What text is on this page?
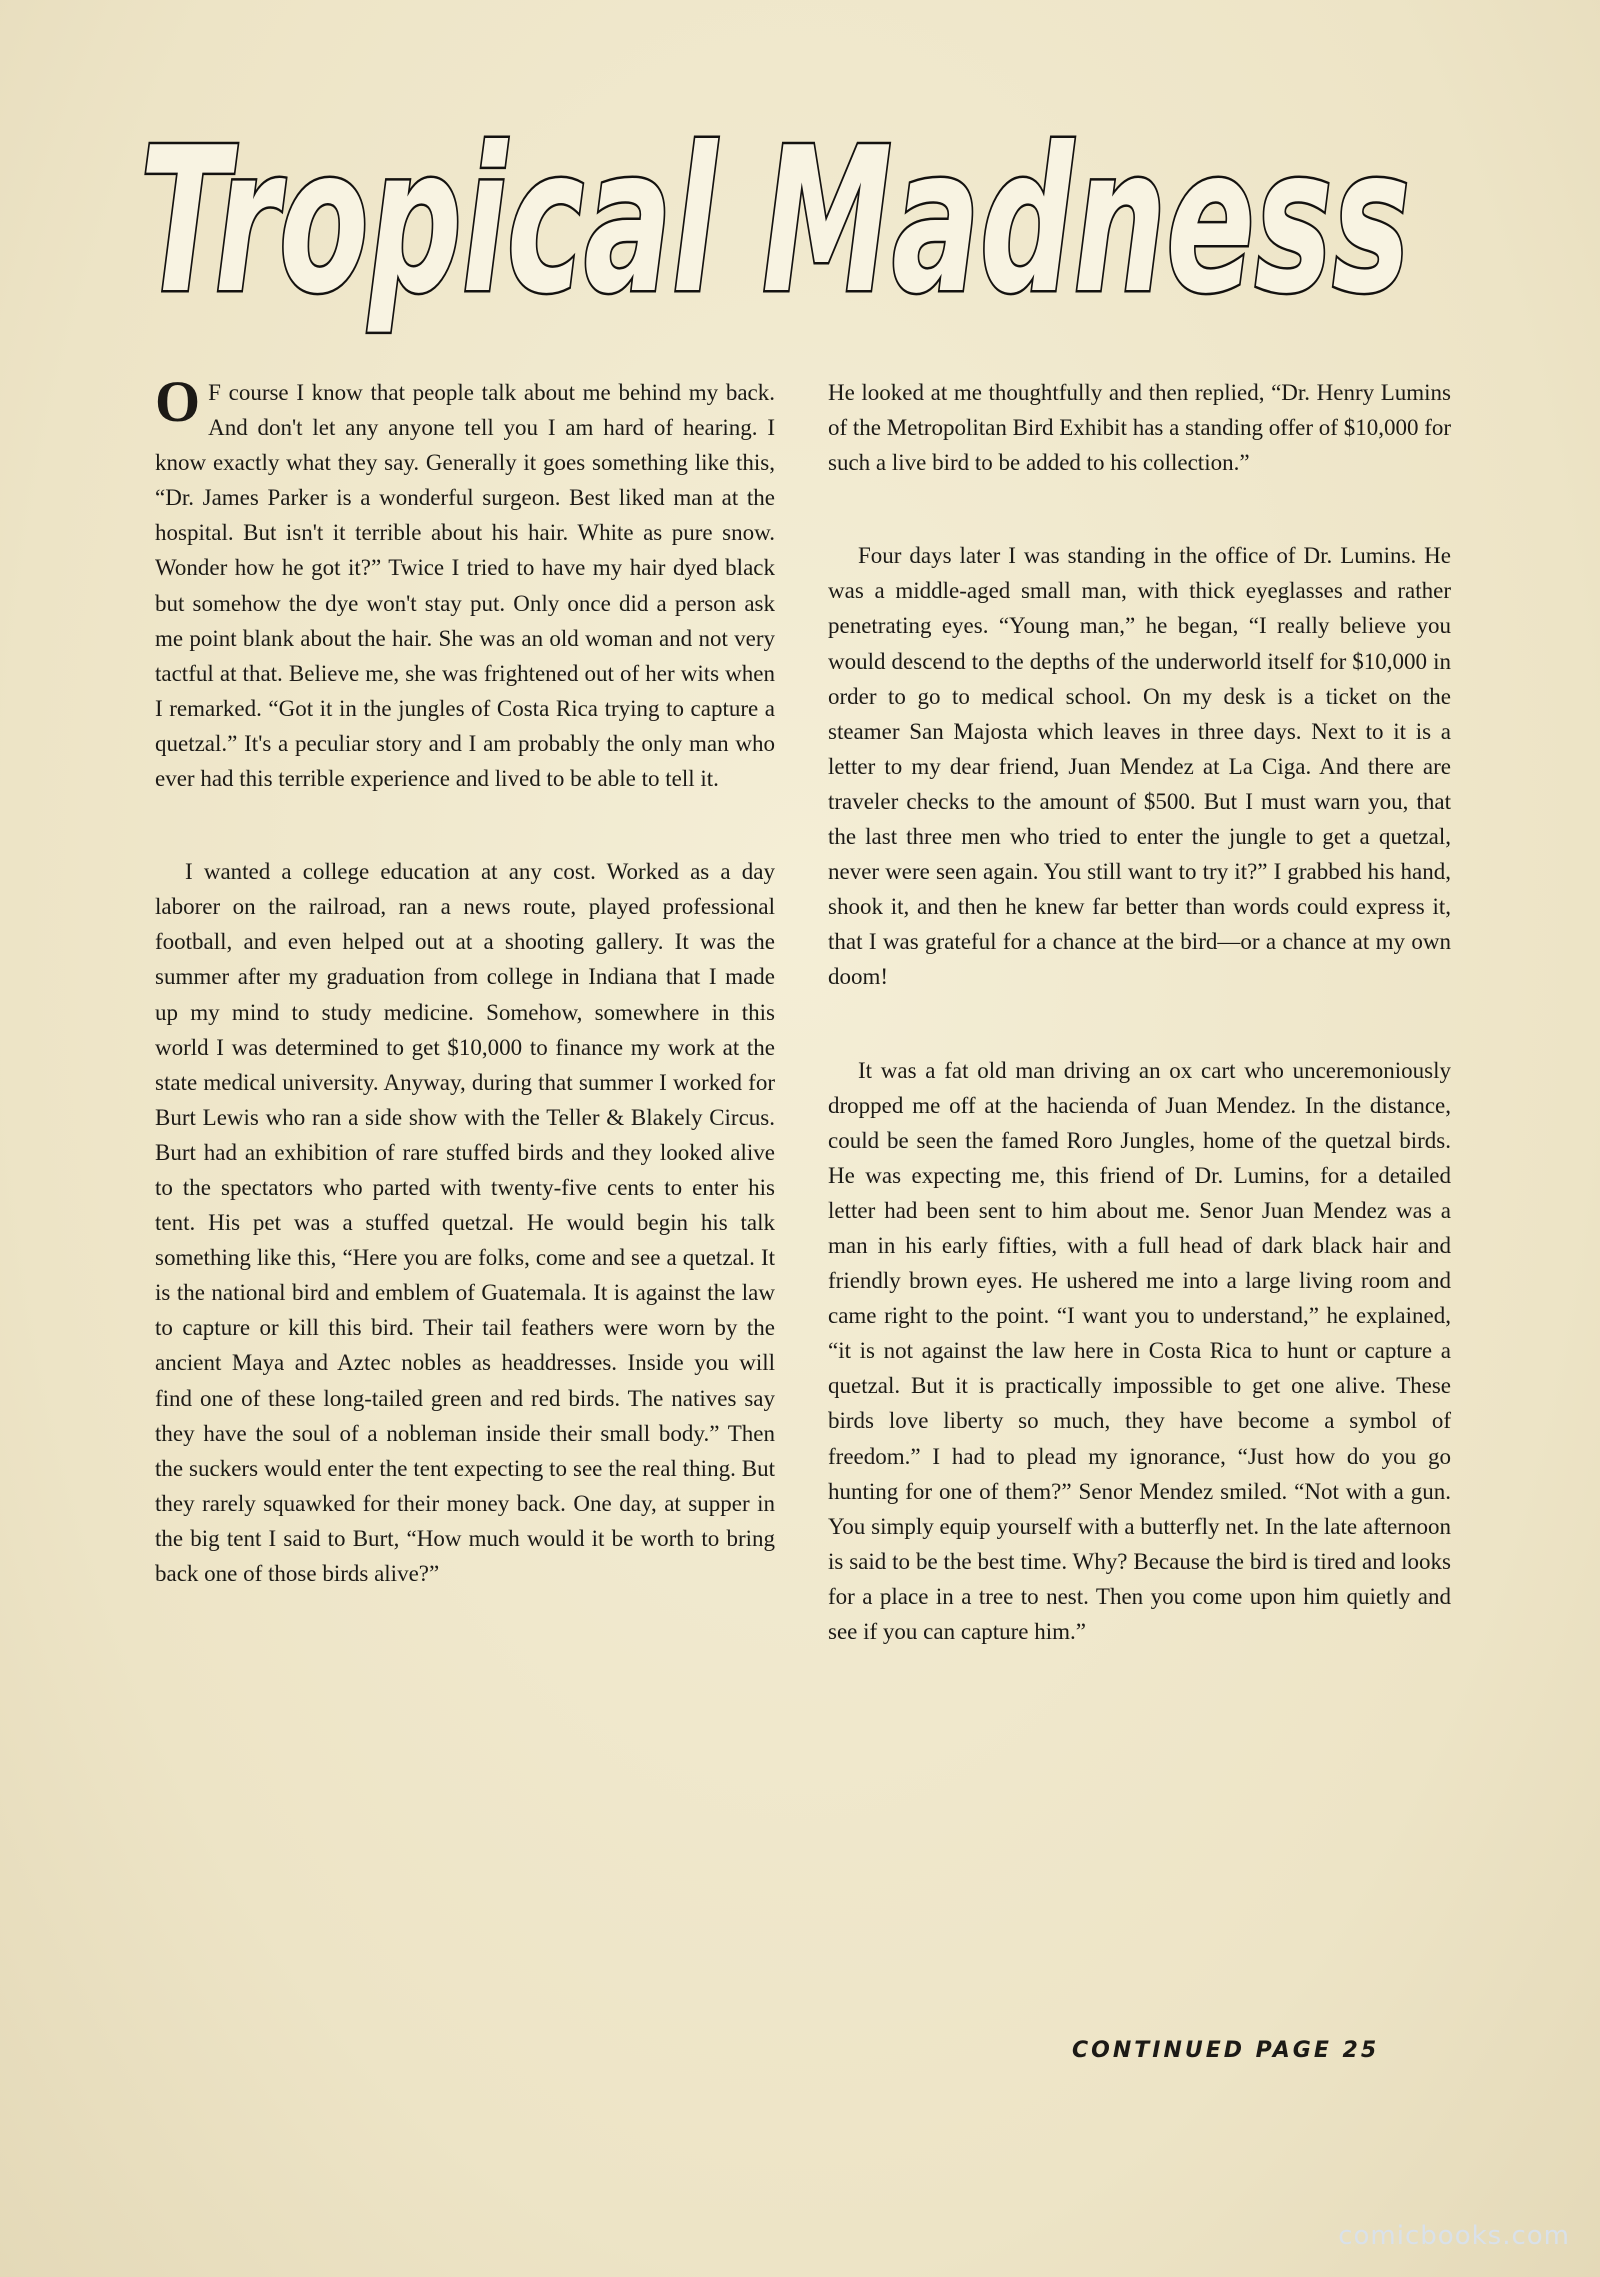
Tropical Madness

O F course I know that people talk about me behind my back. And don't let any anyone tell you I am hard of hearing. I know exactly what they say. Generally it goes something like this, “Dr. James Parker is a wonderful surgeon. Best liked man at the hospital. But isn't it terrible about his hair. White as pure snow. Wonder how he got it?” Twice I tried to have my hair dyed black but somehow the dye won't stay put. Only once did a person ask me point blank about the hair. She was an old woman and not very tactful at that. Believe me, she was frightened out of her wits when I remarked. “Got it in the jungles of Costa Rica trying to capture a quetzal.” It's a peculiar story and I am probably the only man who ever had this terrible experience and lived to be able to tell it.

I wanted a college education at any cost. Worked as a day laborer on the railroad, ran a news route, played professional football, and even helped out at a shooting gallery. It was the summer after my graduation from college in Indiana that I made up my mind to study medicine. Somehow, somewhere in this world I was determined to get $10,000 to finance my work at the state medical university. Anyway, during that summer I worked for Burt Lewis who ran a side show with the Teller & Blakely Circus. Burt had an exhibition of rare stuffed birds and they looked alive to the spectators who parted with twenty-five cents to enter his tent. His pet was a stuffed quetzal. He would begin his talk something like this, “Here you are folks, come and see a quetzal. It is the national bird and emblem of Guatemala. It is against the law to capture or kill this bird. Their tail feathers were worn by the ancient Maya and Aztec nobles as headdresses. Inside you will find one of these long-tailed green and red birds. The natives say they have the soul of a nobleman inside their small body.” Then the suckers would enter the tent expecting to see the real thing. But they rarely squawked for their money back. One day, at supper in the big tent I said to Burt, “How much would it be worth to bring back one of those birds alive?”

He looked at me thoughtfully and then replied, “Dr. Henry Lumins of the Metropolitan Bird Exhibit has a standing offer of $10,000 for such a live bird to be added to his collection.”

Four days later I was standing in the office of Dr. Lumins. He was a middle-aged small man, with thick eyeglasses and rather penetrating eyes. “Young man,” he began, “I really believe you would descend to the depths of the underworld itself for $10,000 in order to go to medical school. On my desk is a ticket on the steamer San Majosta which leaves in three days. Next to it is a letter to my dear friend, Juan Mendez at La Ciga. And there are traveler checks to the amount of $500. But I must warn you, that the last three men who tried to enter the jungle to get a quetzal, never were seen again. You still want to try it?” I grabbed his hand, shook it, and then he knew far better than words could express it, that I was grateful for a chance at the bird—or a chance at my own doom!

It was a fat old man driving an ox cart who unceremoniously dropped me off at the hacienda of Juan Mendez. In the distance, could be seen the famed Roro Jungles, home of the quetzal birds. He was expecting me, this friend of Dr. Lumins, for a detailed letter had been sent to him about me. Senor Juan Mendez was a man in his early fifties, with a full head of dark black hair and friendly brown eyes. He ushered me into a large living room and came right to the point. “I want you to understand,” he explained, “it is not against the law here in Costa Rica to hunt or capture a quetzal. But it is practically impossible to get one alive. These birds love liberty so much, they have become a symbol of freedom.” I had to plead my ignorance, “Just how do you go hunting for one of them?” Senor Mendez smiled. “Not with a gun. You simply equip yourself with a butterfly net. In the late afternoon is said to be the best time. Why? Because the bird is tired and looks for a place in a tree to nest. Then you come upon him quietly and see if you can capture him.”

CONTINUED PAGE 25
comicbooks.com
